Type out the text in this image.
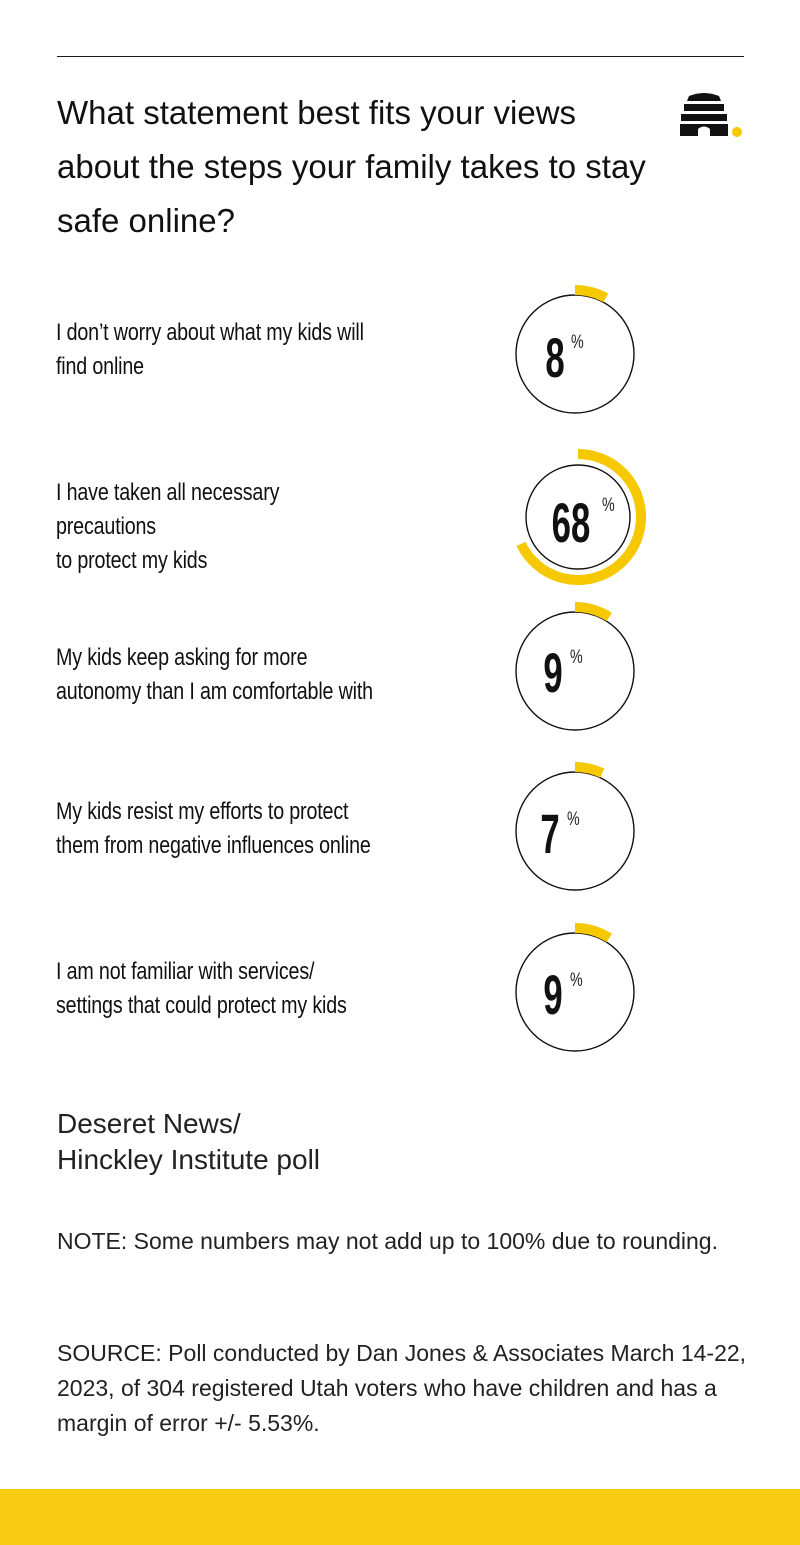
What statement best fits your views about the steps your family takes to stay safe online?
I don’t worry about what my kids will
find online	8 %
I have taken all necessary precautions
to protect my kids
68 %
My kids keep asking for more
autonomy than I am comfortable with	9 %
My kids resist my efforts to protect
them from negative influences online	7 %
I am not familiar with services/
settings that could protect my kids	9 %
Deseret News/
Hinckley Institute poll
NOTE: Some numbers may not add up to 100% due to rounding.
SOURCE: Poll conducted by Dan Jones & Associates March 14-22, 2023, of 304 registered Utah voters who have children and has a margin of error +/- 5.53%.
